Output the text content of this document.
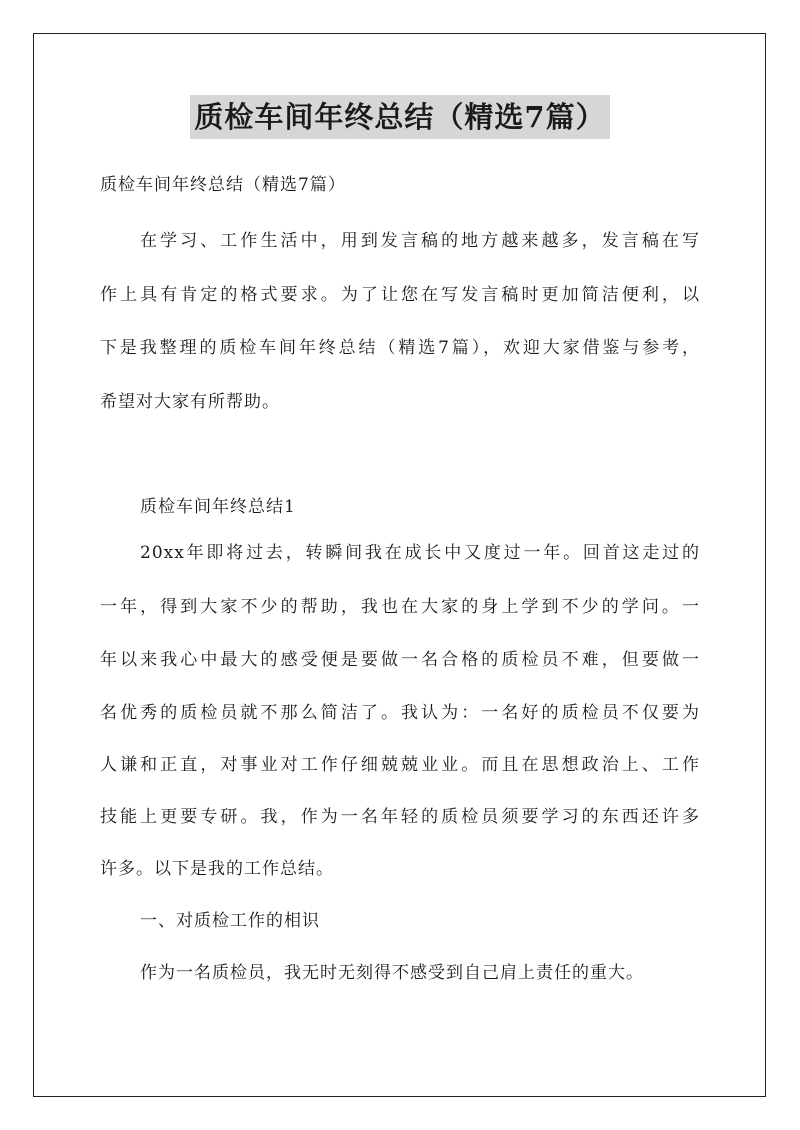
质检车间年终总结（精选7篇）
质检车间年终总结（精选7篇）
在学习、工作生活中，用到发言稿的地方越来越多，发言稿在写
作上具有肯定的格式要求。为了让您在写发言稿时更加简洁便利，以
下是我整理的质检车间年终总结（精选7篇），欢迎大家借鉴与参考，
希望对大家有所帮助。
质检车间年终总结1
20xx年即将过去，转瞬间我在成长中又度过一年。回首这走过的
一年，得到大家不少的帮助，我也在大家的身上学到不少的学问。一
年以来我心中最大的感受便是要做一名合格的质检员不难，但要做一
名优秀的质检员就不那么简洁了。我认为：一名好的质检员不仅要为
人谦和正直，对事业对工作仔细兢兢业业。而且在思想政治上、工作
技能上更要专研。我，作为一名年轻的质检员须要学习的东西还许多
许多。以下是我的工作总结。
一、对质检工作的相识
作为一名质检员，我无时无刻得不感受到自己肩上责任的重大。
